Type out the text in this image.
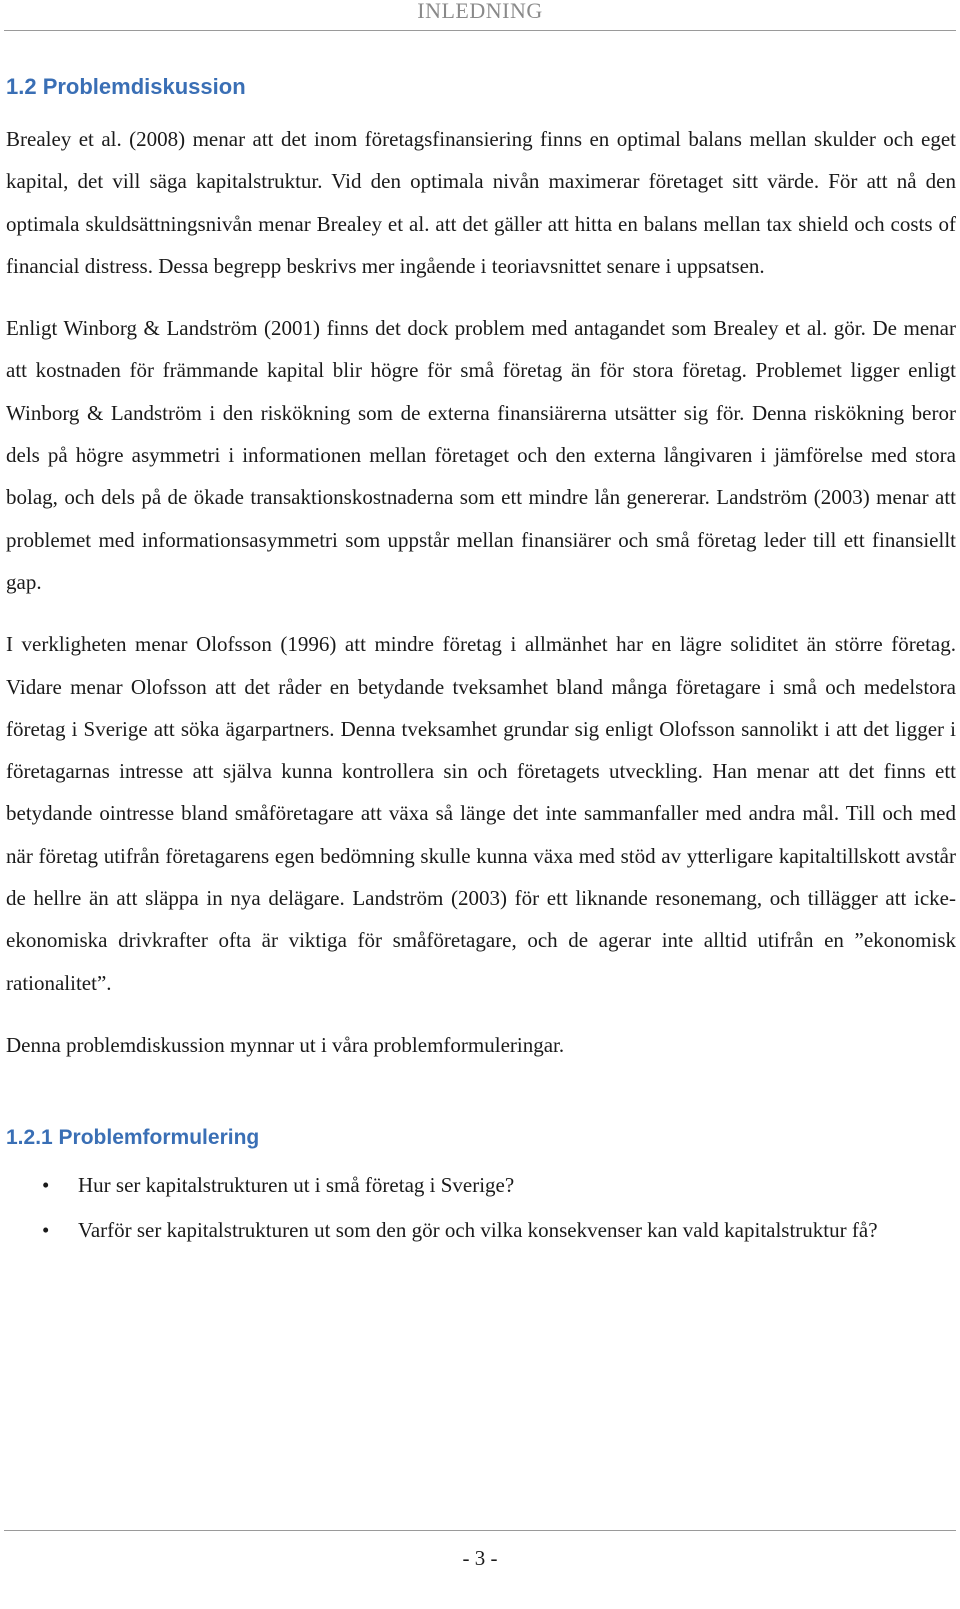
INLEDNING
1.2 Problemdiskussion

Brealey et al. (2008) menar att det inom företagsfinansiering finns en optimal balans mellan skulder och eget kapital, det vill säga kapitalstruktur. Vid den optimala nivån maximerar företaget sitt värde. För att nå den optimala skuldsättningsnivån menar Brealey et al. att det gäller att hitta en balans mellan tax shield och costs of financial distress. Dessa begrepp beskrivs mer ingående i teoriavsnittet senare i uppsatsen.

Enligt Winborg & Landström (2001) finns det dock problem med antagandet som Brealey et al. gör. De menar att kostnaden för främmande kapital blir högre för små företag än för stora företag. Problemet ligger enligt Winborg & Landström i den riskökning som de externa finansiärerna utsätter sig för. Denna riskökning beror dels på högre asymmetri i informationen mellan företaget och den externa långivaren i jämförelse med stora bolag, och dels på de ökade transaktionskostnaderna som ett mindre lån genererar. Landström (2003) menar att problemet med informationsasymmetri som uppstår mellan finansiärer och små företag leder till ett finansiellt gap.

I verkligheten menar Olofsson (1996) att mindre företag i allmänhet har en lägre soliditet än större företag. Vidare menar Olofsson att det råder en betydande tveksamhet bland många företagare i små och medelstora företag i Sverige att söka ägarpartners. Denna tveksamhet grundar sig enligt Olofsson sannolikt i att det ligger i företagarnas intresse att själva kunna kontrollera sin och företagets utveckling. Han menar att det finns ett betydande ointresse bland småföretagare att växa så länge det inte sammanfaller med andra mål. Till och med när företag utifrån företagarens egen bedömning skulle kunna växa med stöd av ytterligare kapitaltillskott avstår de hellre än att släppa in nya delägare. Landström (2003) för ett liknande resonemang, och tillägger att icke-ekonomiska drivkrafter ofta är viktiga för småföretagare, och de agerar inte alltid utifrån en ”ekonomisk rationalitet”.

Denna problemdiskussion mynnar ut i våra problemformuleringar.

1.2.1 Problemformulering
• Hur ser kapitalstrukturen ut i små företag i Sverige?
• Varför ser kapitalstrukturen ut som den gör och vilka konsekvenser kan vald kapitalstruktur få?
- 3 -
